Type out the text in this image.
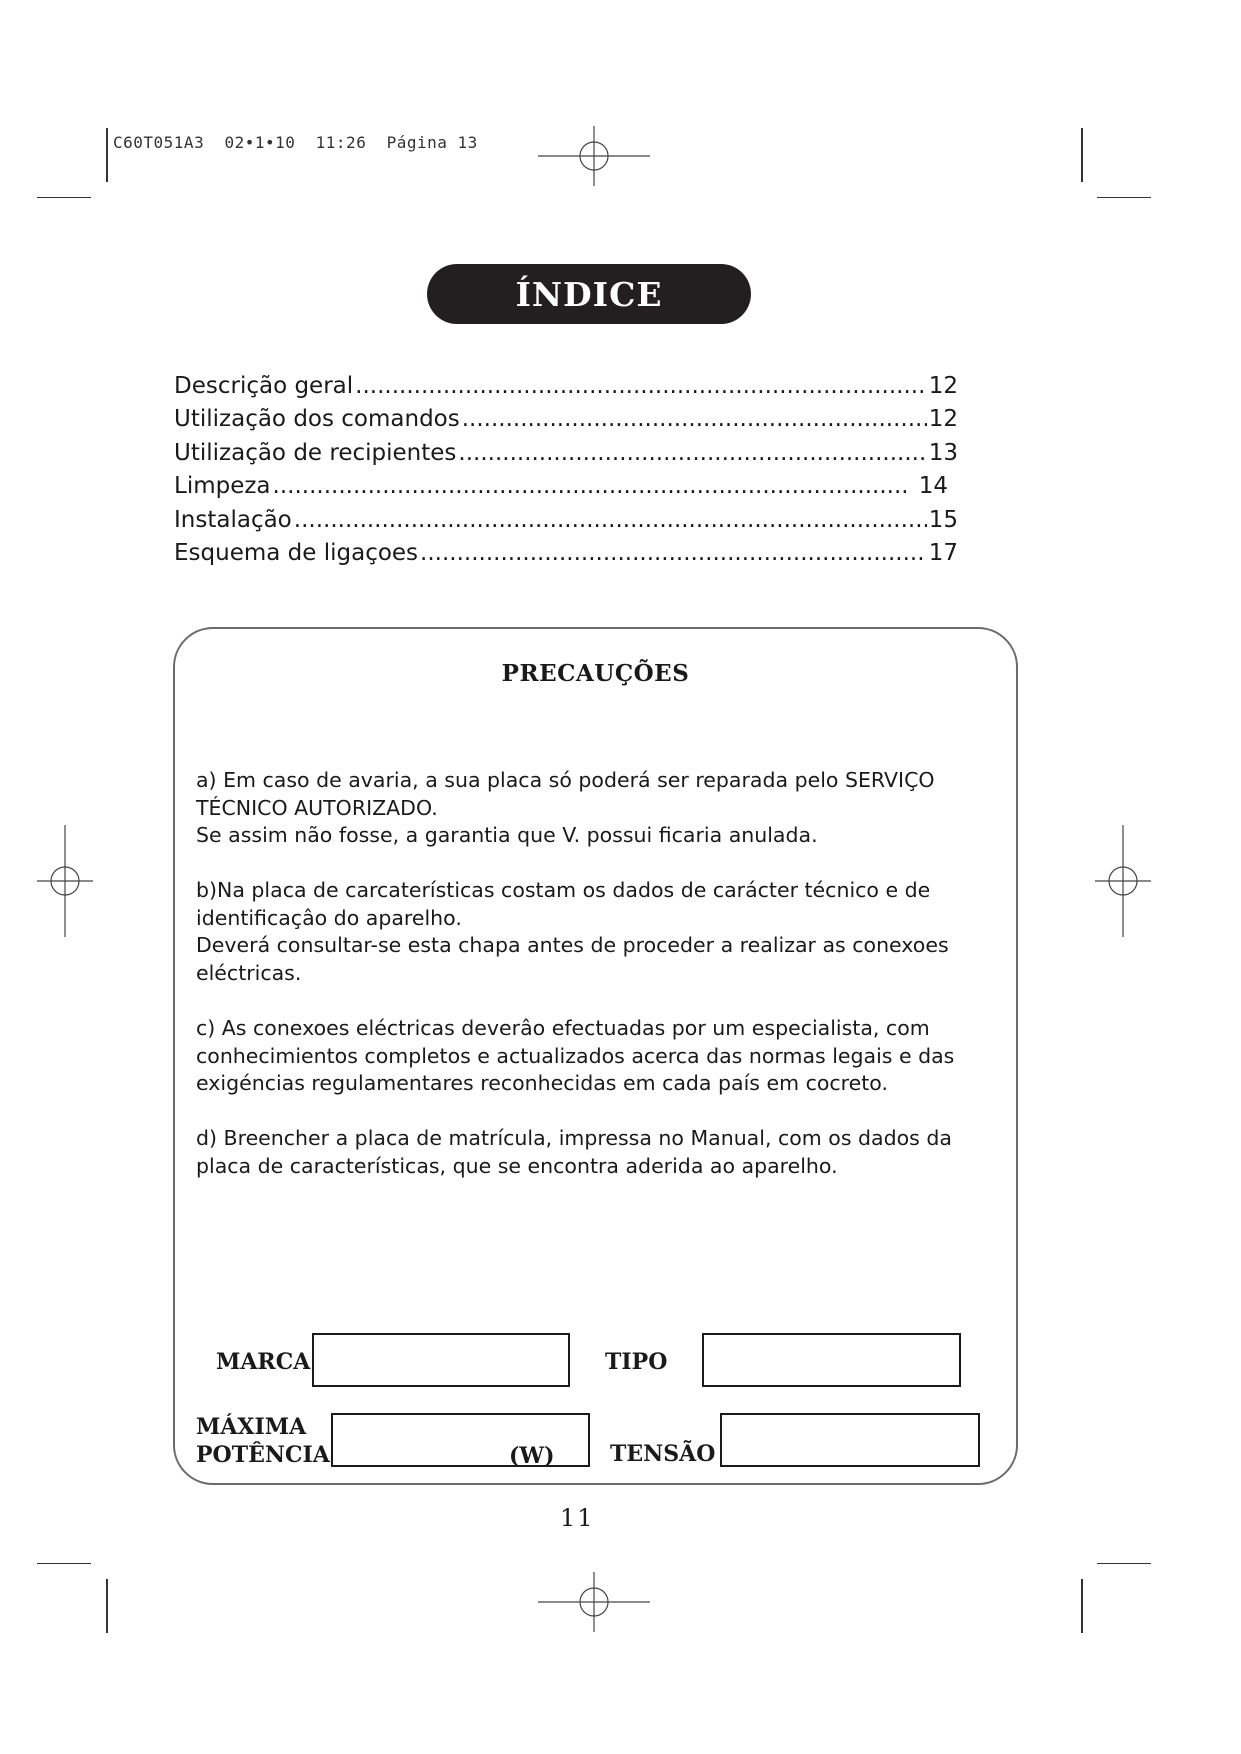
C60T051A3  02•1•10  11:26  Página 13
ÍNDICE
Descrição geral .....	12
Utilização dos comandos .....	12
Utilização de recipientes .....	13
Limpeza .....	14
Instalação .....	15
Esquema de ligaçoes .....	17
PRECAUÇÕES

a) Em caso de avaria, a sua placa só poderá ser reparada pelo SERVIÇO TÉCNICO AUTORIZADO.

Se assim não fosse, a garantia que V. possui ficaria anulada.

b)Na placa de carcaterísticas costam os dados de carácter técnico e de identificaçâo do aparelho.

Deverá consultar-se esta chapa antes de proceder a realizar as conexoes eléctricas.

c) As conexoes eléctricas deverâo efectuadas por um especialista, com conhecimientos completos e actualizados acerca das normas legais e das exigéncias regulamentares reconhecidas em cada país em cocreto.

d) Breencher a placa de matrícula, impressa no Manual, com os dados da placa de características, que se encontra aderida ao aparelho.

MARCA	TIPO
MÁXIMA
POTÊNCIA	(W)	TENSÃO
11
